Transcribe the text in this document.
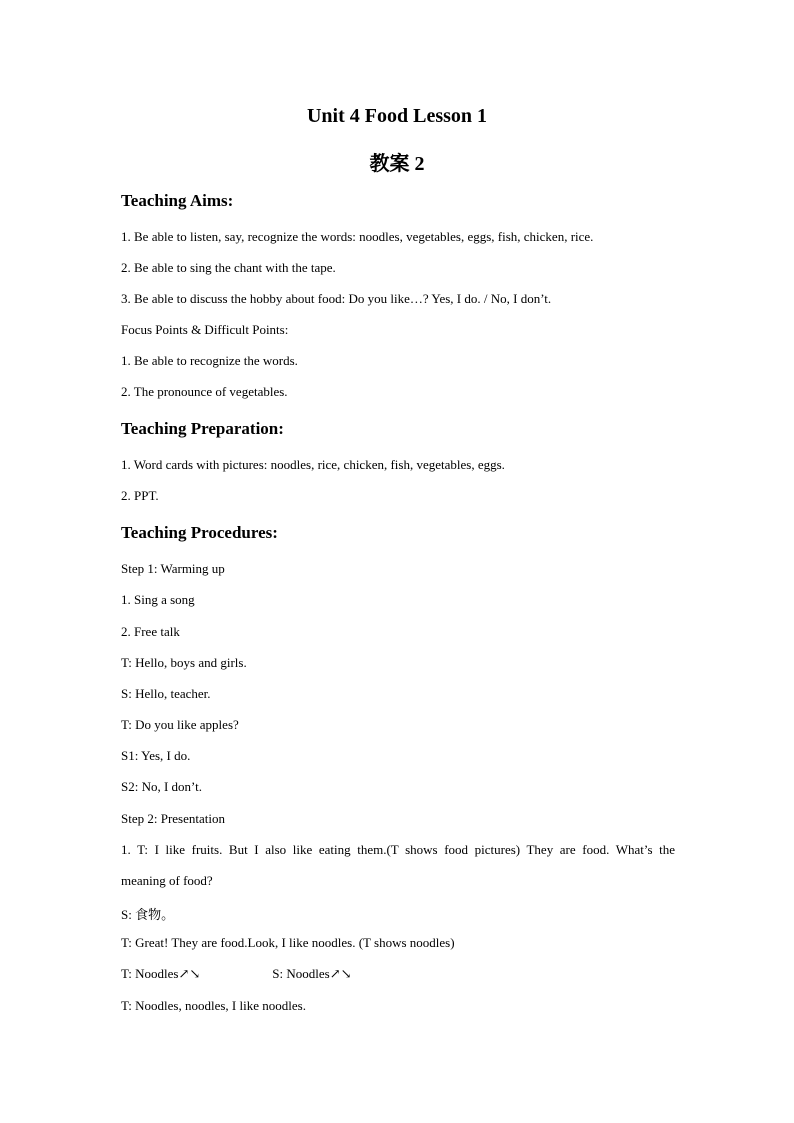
Unit 4 Food Lesson 1
教案 2
Teaching Aims:
1. Be able to listen, say, recognize the words: noodles, vegetables, eggs, fish, chicken, rice.
2. Be able to sing the chant with the tape.
3. Be able to discuss the hobby about food: Do you like…? Yes, I do. / No, I don’t.
Focus Points & Difficult Points:
1. Be able to recognize the words.
2. The pronounce of vegetables.
Teaching Preparation:
1. Word cards with pictures: noodles, rice, chicken, fish, vegetables, eggs.
2. PPT.
Teaching Procedures:
Step 1: Warming up
1. Sing a song
2. Free talk
T: Hello, boys and girls.
S: Hello, teacher.
T: Do you like apples?
S1: Yes, I do.
S2: No, I don’t.
Step 2: Presentation
1. T: I like fruits. But I also like eating them.(T shows food pictures) They are food. What’s the
meaning of food?
S: 食物。
T: Great! They are food.Look, I like noodles. (T shows noodles)
T: Noodles↗↘	S: Noodles↗↘
T: Noodles, noodles, I like noodles.
